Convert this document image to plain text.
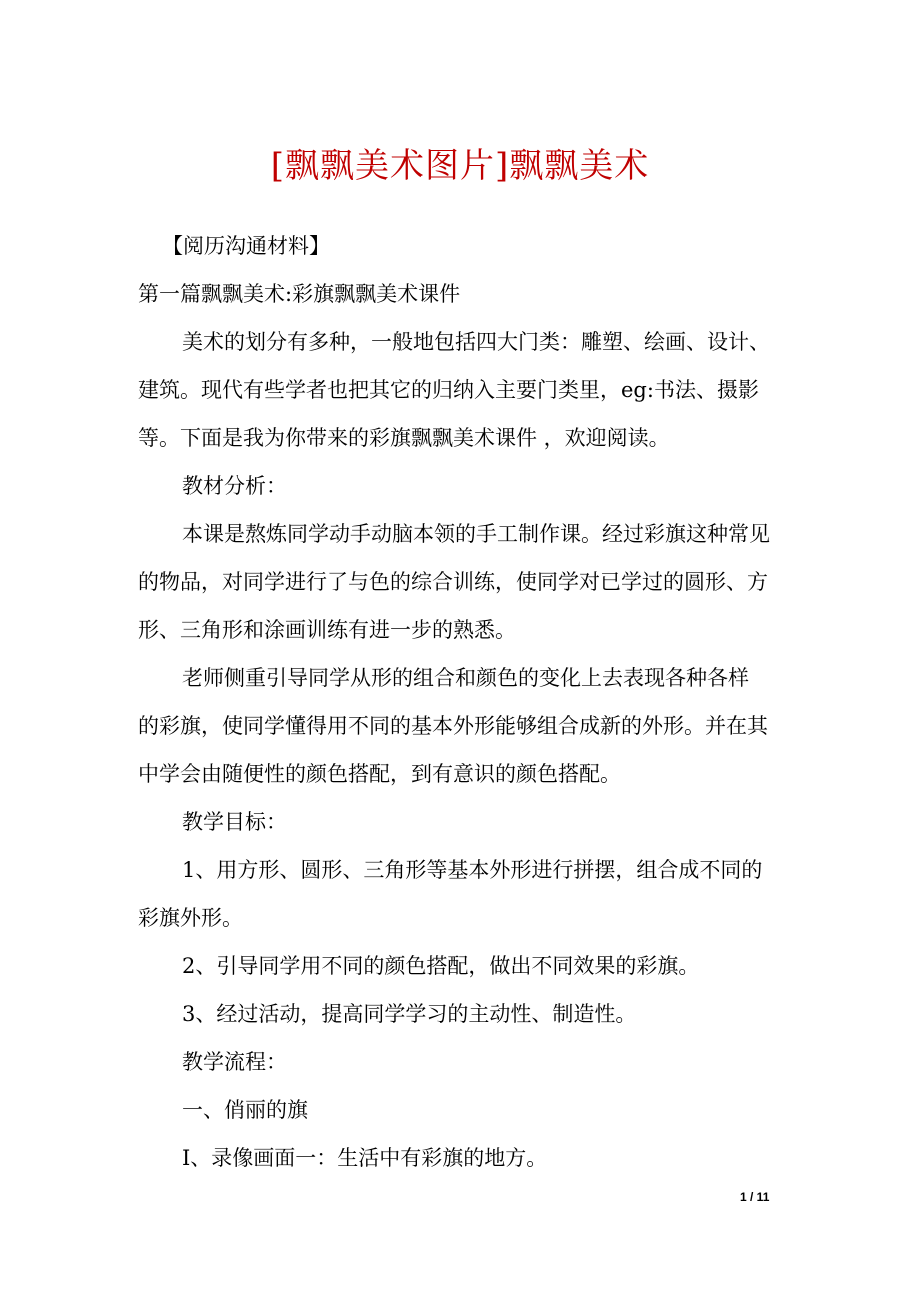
[飘飘美术图片]飘飘美术
【阅历沟通材料】
第一篇飘飘美术:彩旗飘飘美术课件
美术的划分有多种，一般地包括四大门类：雕塑、绘画、设计、
建筑。现代有些学者也把其它的归纳入主要门类里，eg:书法、摄影
等。下面是我为你带来的彩旗飘飘美术课件 ，欢迎阅读。
教材分析：
本课是熬炼同学动手动脑本领的手工制作课。经过彩旗这种常见
的物品，对同学进行了与色的综合训练，使同学对已学过的圆形、方
形、三角形和涂画训练有进一步的熟悉。
老师侧重引导同学从形的组合和颜色的变化上去表现各种各样
的彩旗，使同学懂得用不同的基本外形能够组合成新的外形。并在其
中学会由随便性的颜色搭配，到有意识的颜色搭配。
教学目标：
1、用方形、圆形、三角形等基本外形进行拼摆，组合成不同的
彩旗外形。
2、引导同学用不同的颜色搭配，做出不同效果的彩旗。
3、经过活动，提高同学学习的主动性、制造性。
教学流程：
一、俏丽的旗
Ⅰ、录像画面一：生活中有彩旗的地方。
1 / 11
